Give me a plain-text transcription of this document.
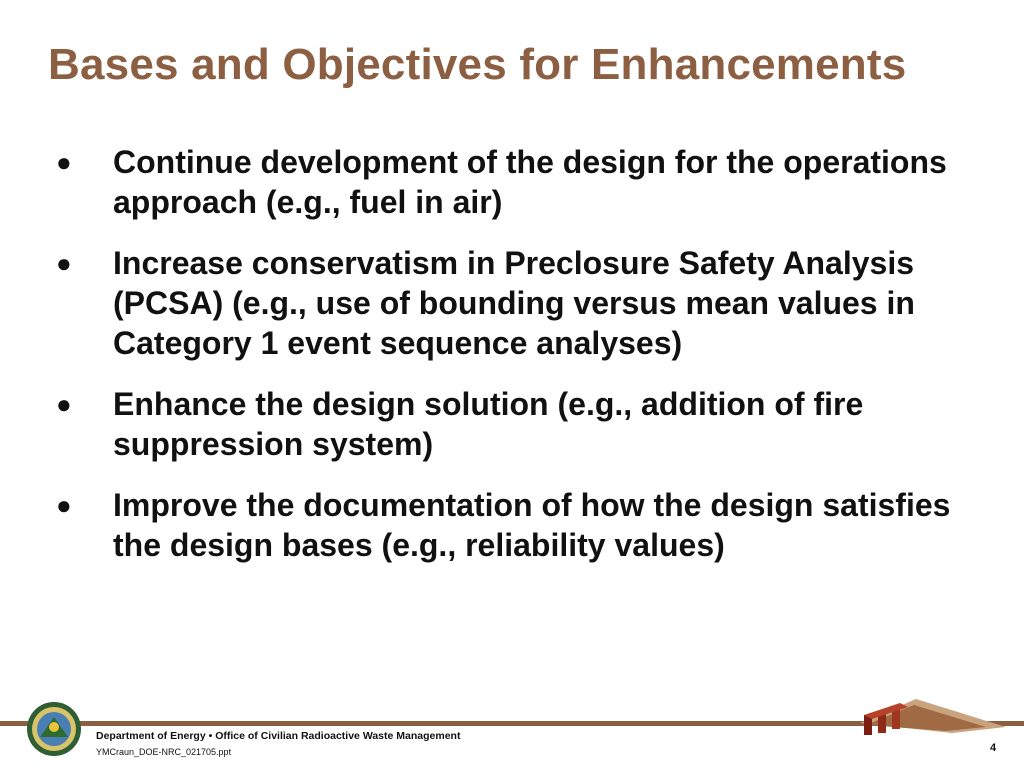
Bases and Objectives for Enhancements
●	Continue development of the design for the operations approach (e.g., fuel in air)
●	Increase conservatism in Preclosure Safety Analysis (PCSA) (e.g., use of bounding versus mean values in Category 1 event sequence analyses)
●	Enhance the design solution (e.g., addition of fire suppression system)
●	Improve the documentation of how the design satisfies the design bases (e.g., reliability values)
Department of Energy • Office of Civilian Radioactive Waste Management
YMCraun_DOE-NRC_021705.ppt	4
